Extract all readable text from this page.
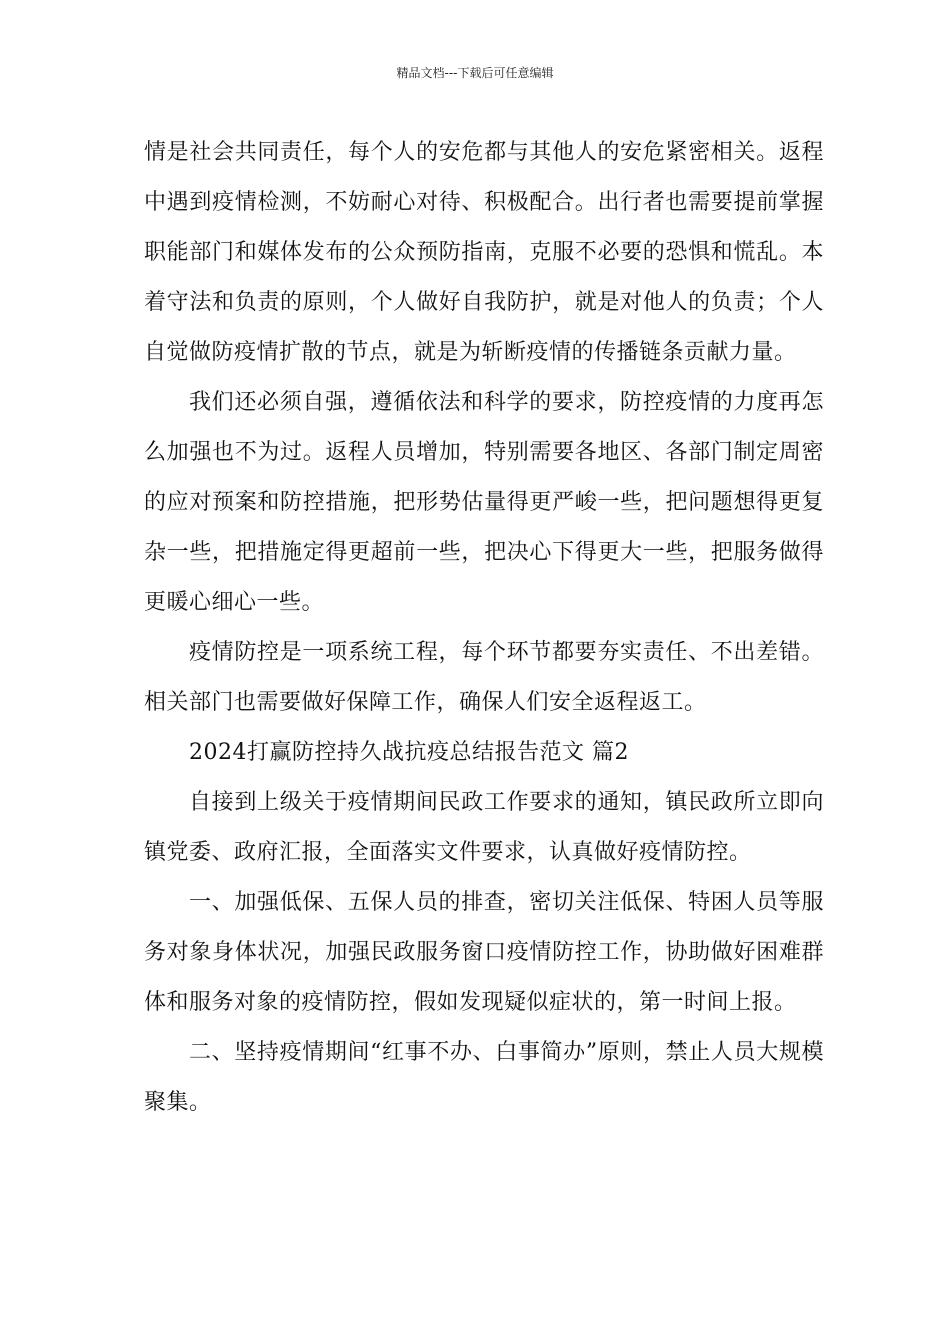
精品文档---下载后可任意编辑

情是社会共同责任，每个人的安危都与其他人的安危紧密相关。返程中遇到疫情检测，不妨耐心对待、积极配合。出行者也需要提前掌握职能部门和媒体发布的公众预防指南，克服不必要的恐惧和慌乱。本着守法和负责的原则，个人做好自我防护，就是对他人的负责；个人自觉做防疫情扩散的节点，就是为斩断疫情的传播链条贡献力量。

我们还必须自强，遵循依法和科学的要求，防控疫情的力度再怎么加强也不为过。返程人员增加，特别需要各地区、各部门制定周密的应对预案和防控措施，把形势估量得更严峻一些，把问题想得更复杂一些，把措施定得更超前一些，把决心下得更大一些，把服务做得更暖心细心一些。

疫情防控是一项系统工程，每个环节都要夯实责任、不出差错。相关部门也需要做好保障工作，确保人们安全返程返工。

2024打赢防控持久战抗疫总结报告范文 篇2

自接到上级关于疫情期间民政工作要求的通知，镇民政所立即向镇党委、政府汇报，全面落实文件要求，认真做好疫情防控。

一、加强低保、五保人员的排查，密切关注低保、特困人员等服务对象身体状况，加强民政服务窗口疫情防控工作，协助做好困难群体和服务对象的疫情防控，假如发现疑似症状的，第一时间上报。

二、坚持疫情期间“红事不办、白事简办”原则，禁止人员大规模聚集。
